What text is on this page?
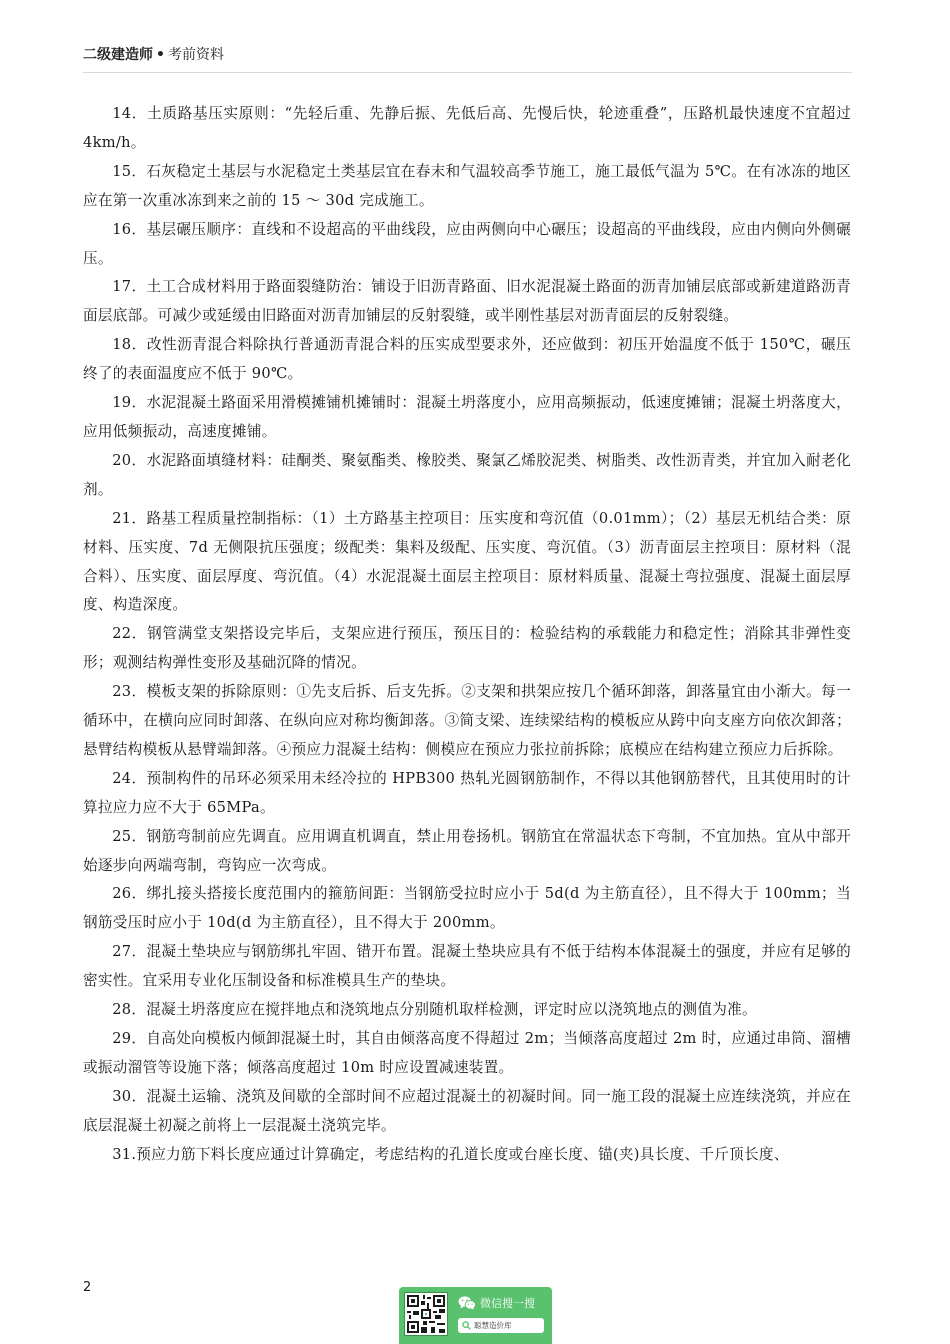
二级建造师 • 考前资料

14．土质路基压实原则：“先轻后重、先静后振、先低后高、先慢后快，轮迹重叠”，压路机最快速度不宜超过 4km/h。

15．石灰稳定土基层与水泥稳定土类基层宜在春末和气温较高季节施工，施工最低气温为 5℃。在有冰冻的地区应在第一次重冰冻到来之前的 15 ～ 30d 完成施工。

16．基层碾压顺序：直线和不设超高的平曲线段，应由两侧向中心碾压；设超高的平曲线段，应由内侧向外侧碾压。

17．土工合成材料用于路面裂缝防治：铺设于旧沥青路面、旧水泥混凝土路面的沥青加铺层底部或新建道路沥青面层底部。可减少或延缓由旧路面对沥青加铺层的反射裂缝，或半刚性基层对沥青面层的反射裂缝。

18．改性沥青混合料除执行普通沥青混合料的压实成型要求外，还应做到：初压开始温度不低于 150℃，碾压终了的表面温度应不低于 90℃。

19．水泥混凝土路面采用滑模摊铺机摊铺时：混凝土坍落度小，应用高频振动，低速度摊铺；混凝土坍落度大，应用低频振动，高速度摊铺。

20．水泥路面填缝材料：硅酮类、聚氨酯类、橡胶类、聚氯乙烯胶泥类、树脂类、改性沥青类，并宜加入耐老化剂。

21．路基工程质量控制指标：（1）土方路基主控项目：压实度和弯沉值（0.01mm）；（2）基层无机结合类：原材料、压实度、7d 无侧限抗压强度；级配类：集料及级配、压实度、弯沉值。（3）沥青面层主控项目：原材料（混合料）、压实度、面层厚度、弯沉值。（4）水泥混凝土面层主控项目：原材料质量、混凝土弯拉强度、混凝土面层厚度、构造深度。

22．钢管满堂支架搭设完毕后，支架应进行预压，预压目的：检验结构的承载能力和稳定性；消除其非弹性变形；观测结构弹性变形及基础沉降的情况。

23．模板支架的拆除原则：①先支后拆、后支先拆。②支架和拱架应按几个循环卸落，卸落量宜由小渐大。每一循环中，在横向应同时卸落、在纵向应对称均衡卸落。③简支梁、连续梁结构的模板应从跨中向支座方向依次卸落；悬臂结构模板从悬臂端卸落。④预应力混凝土结构：侧模应在预应力张拉前拆除；底模应在结构建立预应力后拆除。

24．预制构件的吊环必须采用未经冷拉的 HPB300 热轧光圆钢筋制作，不得以其他钢筋替代，且其使用时的计算拉应力应不大于 65MPa。

25．钢筋弯制前应先调直。应用调直机调直，禁止用卷扬机。钢筋宜在常温状态下弯制，不宜加热。宜从中部开始逐步向两端弯制，弯钩应一次弯成。

26．绑扎接头搭接长度范围内的箍筋间距：当钢筋受拉时应小于 5d(d 为主筋直径），且不得大于 100mm；当钢筋受压时应小于 10d(d 为主筋直径），且不得大于 200mm。

27．混凝土垫块应与钢筋绑扎牢固、错开布置。混凝土垫块应具有不低于结构本体混凝土的强度，并应有足够的密实性。宜采用专业化压制设备和标准模具生产的垫块。

28．混凝土坍落度应在搅拌地点和浇筑地点分别随机取样检测，评定时应以浇筑地点的测值为准。

29．自高处向模板内倾卸混凝土时，其自由倾落高度不得超过 2m；当倾落高度超过 2m 时，应通过串筒、溜槽或振动溜管等设施下落；倾落高度超过 10m 时应设置减速装置。

30．混凝土运输、浇筑及间歇的全部时间不应超过混凝土的初凝时间。同一施工段的混凝土应连续浇筑，并应在底层混凝土初凝之前将上一层混凝土浇筑完毕。

31.预应力筋下料长度应通过计算确定，考虑结构的孔道长度或台座长度、锚(夹)具长度、千斤顶长度、

2
微信搜一搜
聪慧造价库
